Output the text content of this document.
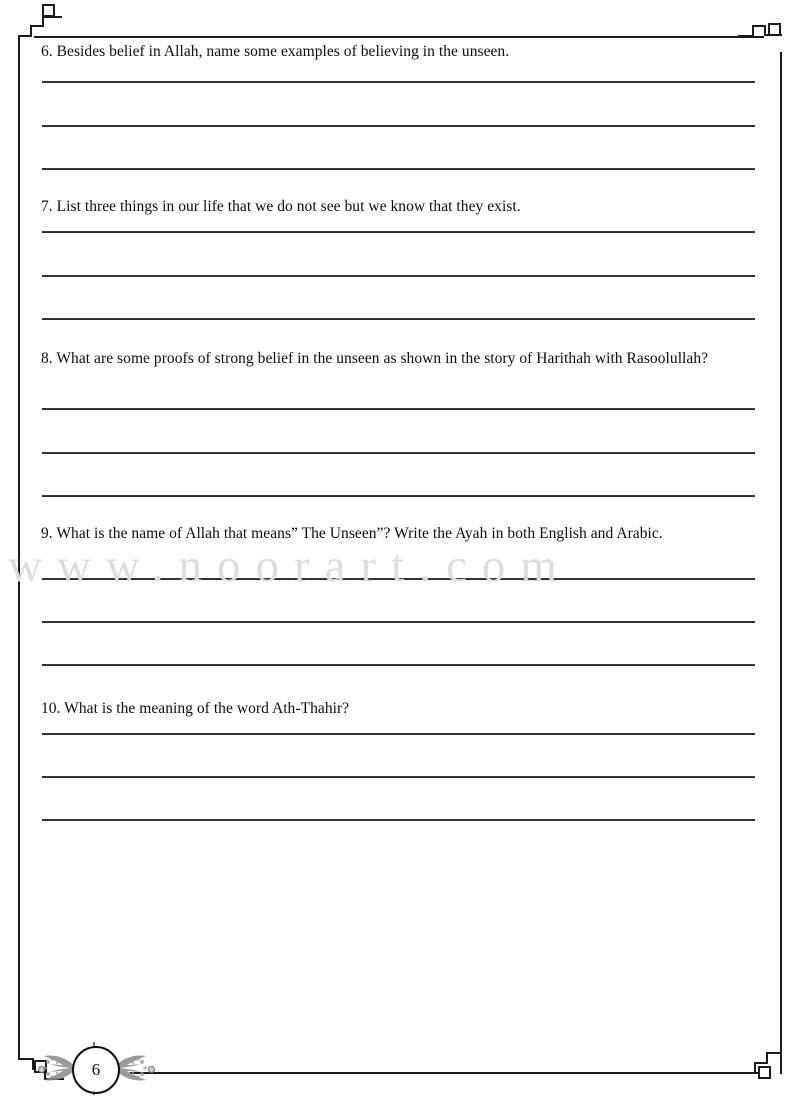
www.noorart.com
6. Besides belief in Allah, name some examples of believing in the unseen.
7. List three things in our life that we do not see but we know that they exist.
8. What are some proofs of strong belief in the unseen as shown in the story of Harithah with Rasoolullah?
9. What is the name of Allah that means” The Unseen”? Write the Ayah in both English and Arabic.
10. What is the meaning of the word Ath-Thahir?
6
